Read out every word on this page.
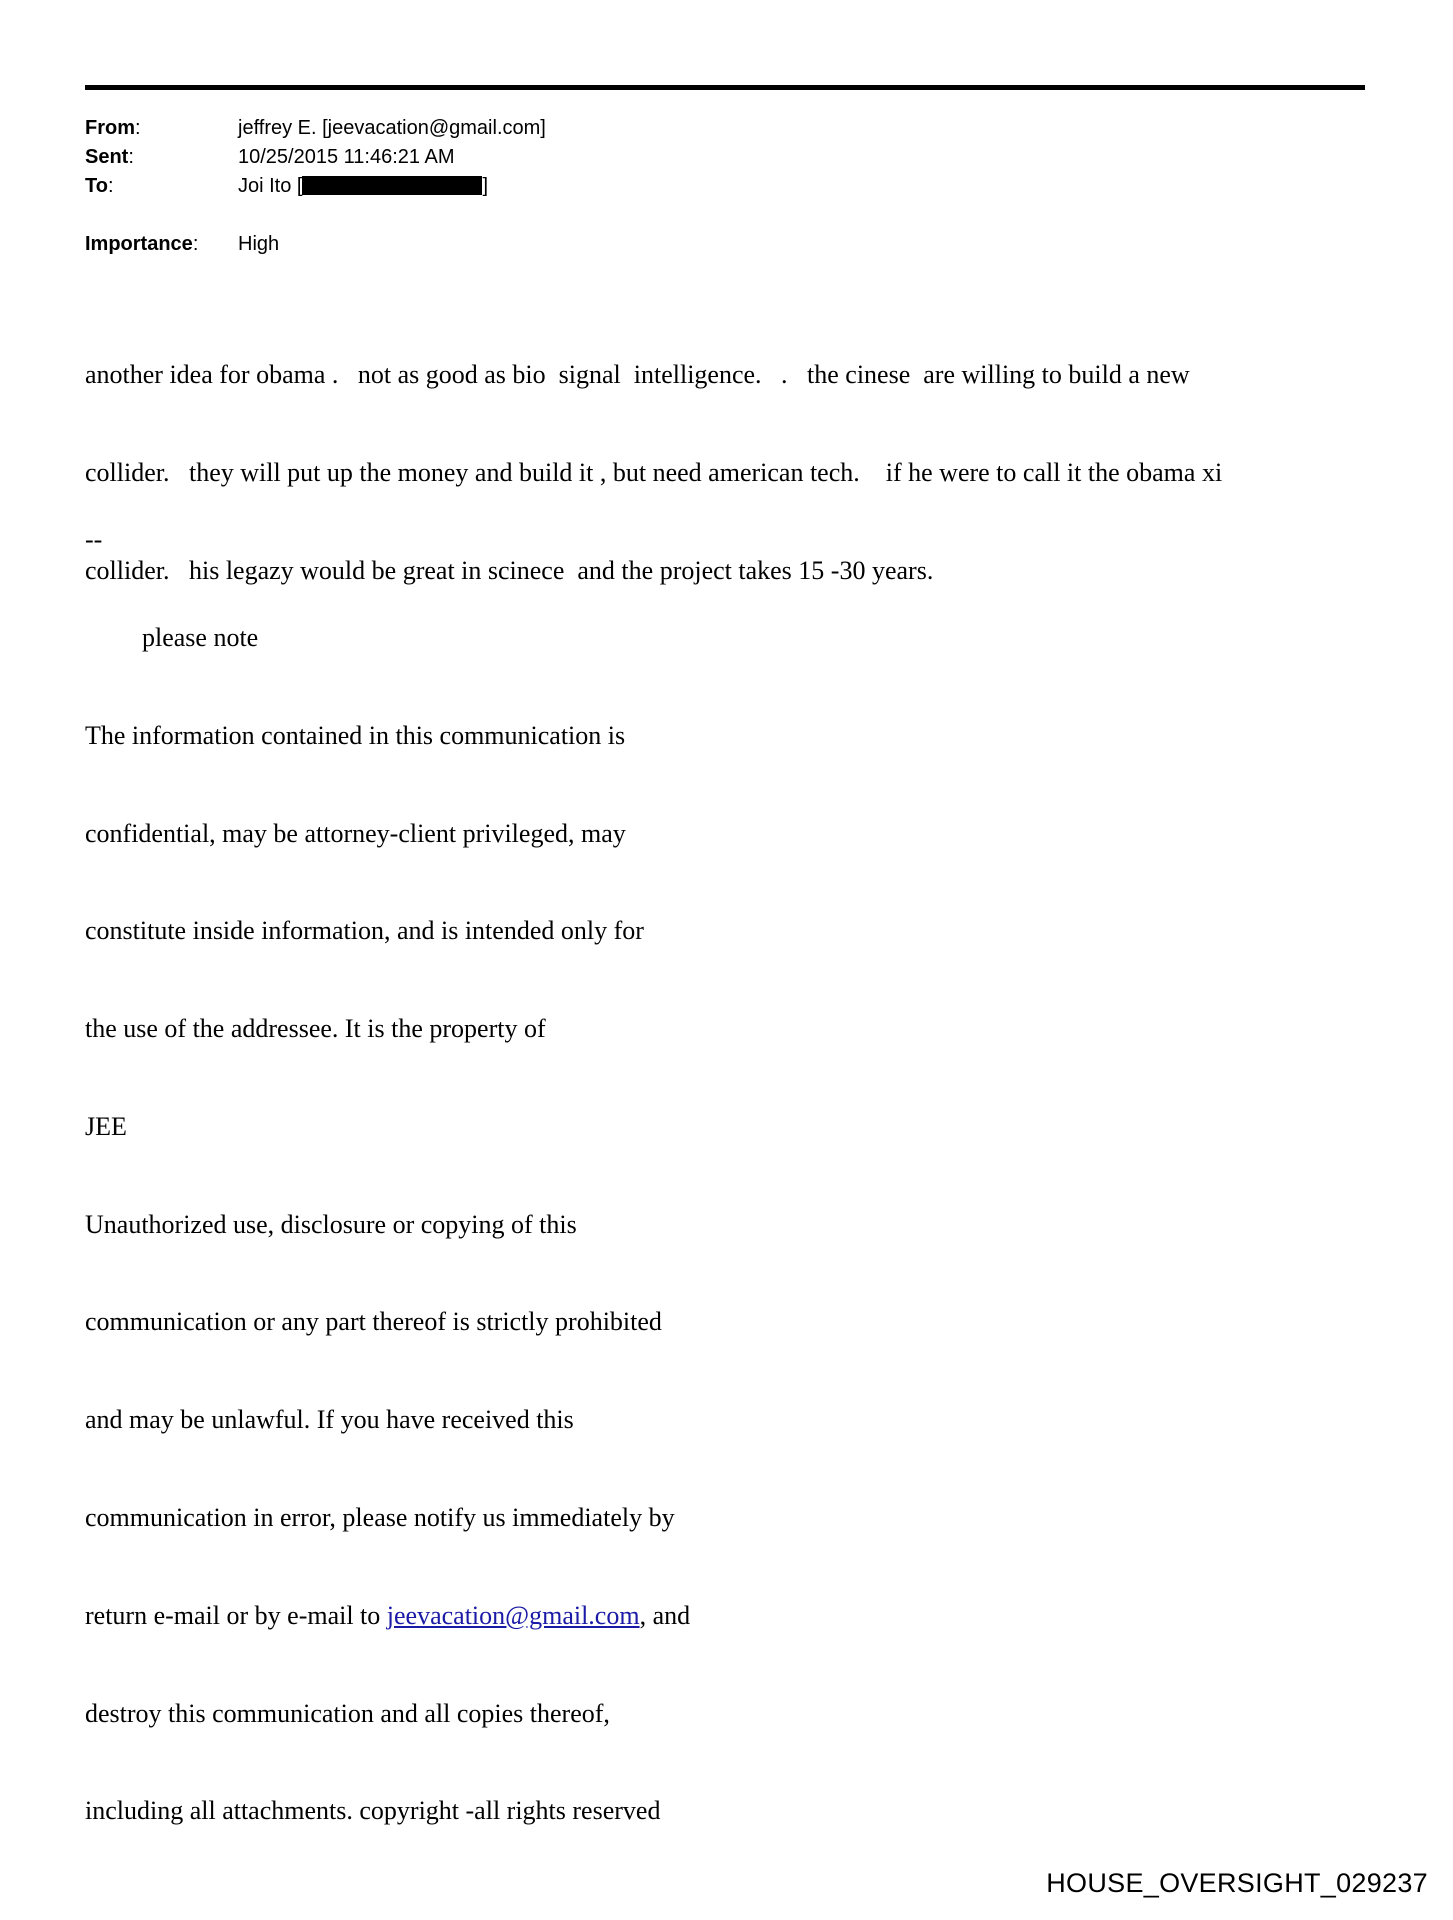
From:	jeffrey E. [jeevacation@gmail.com]
Sent:	10/25/2015 11:46:21 AM
To:	Joi Ito [	]
Importance: High

another idea for obama .   not as good as bio  signal  intelligence.   .   the cinese  are willing to build a new

collider.   they will put up the money and build it , but need american tech.    if he were to call it the obama xi

collider.   his legazy would be great in scinece  and the project takes 15 -30 years.

--

please note

The information contained in this communication is

confidential, may be attorney-client privileged, may

constitute inside information, and is intended only for

the use of the addressee. It is the property of

JEE

Unauthorized use, disclosure or copying of this

communication or any part thereof is strictly prohibited

and may be unlawful. If you have received this

communication in error, please notify us immediately by

return e-mail or by e-mail to jeevacation@gmail.com, and

destroy this communication and all copies thereof,

including all attachments. copyright -all rights reserved

HOUSE_OVERSIGHT_029237
